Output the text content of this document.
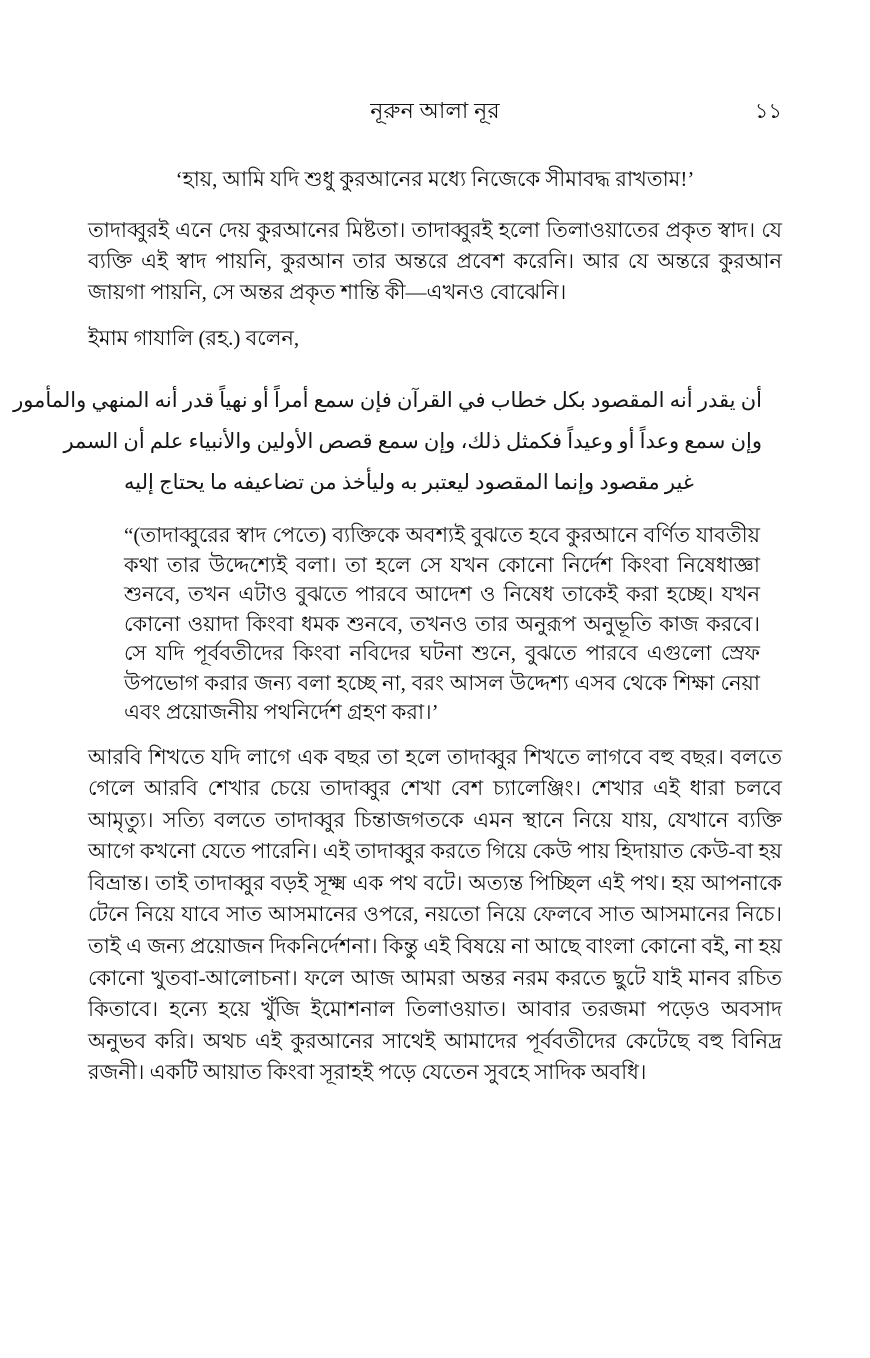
নূরুন আলা নূর	১১
‘হায়, আমি যদি শুধু কুরআনের মধ্যে নিজেকে সীমাবদ্ধ রাখতাম!’
তাদাব্বুরই এনে দেয় কুরআনের মিষ্টতা। তাদাব্বুরই হলো তিলাওয়াতের প্রকৃত স্বাদ। যে ব্যক্তি এই স্বাদ পায়নি, কুরআন তার অন্তরে প্রবেশ করেনি। আর যে অন্তরে কুরআন জায়গা পায়নি, সে অন্তর প্রকৃত শান্তি কী—এখনও বোঝেনি।
ইমাম গাযালি (রহ.) বলেন,
أن يقدر أنه المقصود بكل خطاب في القرآن فإن سمع أمراً أو نهياً قدر أنه المنهي والمأمور
وإن سمع وعداً أو وعيداً فكمثل ذلك، وإن سمع قصص الأولين والأنبياء علم أن السمر
غير مقصود وإنما المقصود ليعتبر به وليأخذ من تضاعيفه ما يحتاج إليه
“(তাদাব্বুরের স্বাদ পেতে) ব্যক্তিকে অবশ্যই বুঝতে হবে কুরআনে বর্ণিত যাবতীয় কথা তার উদ্দেশ্যেই বলা। তা হলে সে যখন কোনো নির্দেশ কিংবা নিষেধাজ্ঞা শুনবে, তখন এটাও বুঝতে পারবে আদেশ ও নিষেধ তাকেই করা হচ্ছে। যখন কোনো ওয়াদা কিংবা ধমক শুনবে, তখনও তার অনুরূপ অনুভূতি কাজ করবে। সে যদি পূর্ববতীদের কিংবা নবিদের ঘটনা শুনে, বুঝতে পারবে এগুলো স্রেফ উপভোগ করার জন্য বলা হচ্ছে না, বরং আসল উদ্দেশ্য এসব থেকে শিক্ষা নেয়া এবং প্রয়োজনীয় পথনির্দেশ গ্রহণ করা।’
আরবি শিখতে যদি লাগে এক বছর তা হলে তাদাব্বুর শিখতে লাগবে বহু বছর। বলতে গেলে আরবি শেখার চেয়ে তাদাব্বুর শেখা বেশ চ্যালেঞ্জিং। শেখার এই ধারা চলবে আমৃত্যু। সত্যি বলতে তাদাব্বুর চিন্তাজগতকে এমন স্থানে নিয়ে যায়, যেখানে ব্যক্তি আগে কখনো যেতে পারেনি। এই তাদাব্বুর করতে গিয়ে কেউ পায় হিদায়াত কেউ-বা হয় বিভ্রান্ত। তাই তাদাব্বুর বড়ই সূক্ষ্ম এক পথ বটে। অত্যন্ত পিচ্ছিল এই পথ। হয় আপনাকে টেনে নিয়ে যাবে সাত আসমানের ওপরে, নয়তো নিয়ে ফেলবে সাত আসমানের নিচে। তাই এ জন্য প্রয়োজন দিকনির্দেশনা। কিন্তু এই বিষয়ে না আছে বাংলা কোনো বই, না হয় কোনো খুতবা-আলোচনা। ফলে আজ আমরা অন্তর নরম করতে ছুটে যাই মানব রচিত কিতাবে। হন্যে হয়ে খুঁজি ইমোশনাল তিলাওয়াত। আবার তরজমা পড়েও অবসাদ অনুভব করি। অথচ এই কুরআনের সাথেই আমাদের পূর্ববতীদের কেটেছে বহু বিনিদ্র রজনী। একটি আয়াত কিংবা সূরাহই পড়ে যেতেন সুবহে সাদিক অবধি।
